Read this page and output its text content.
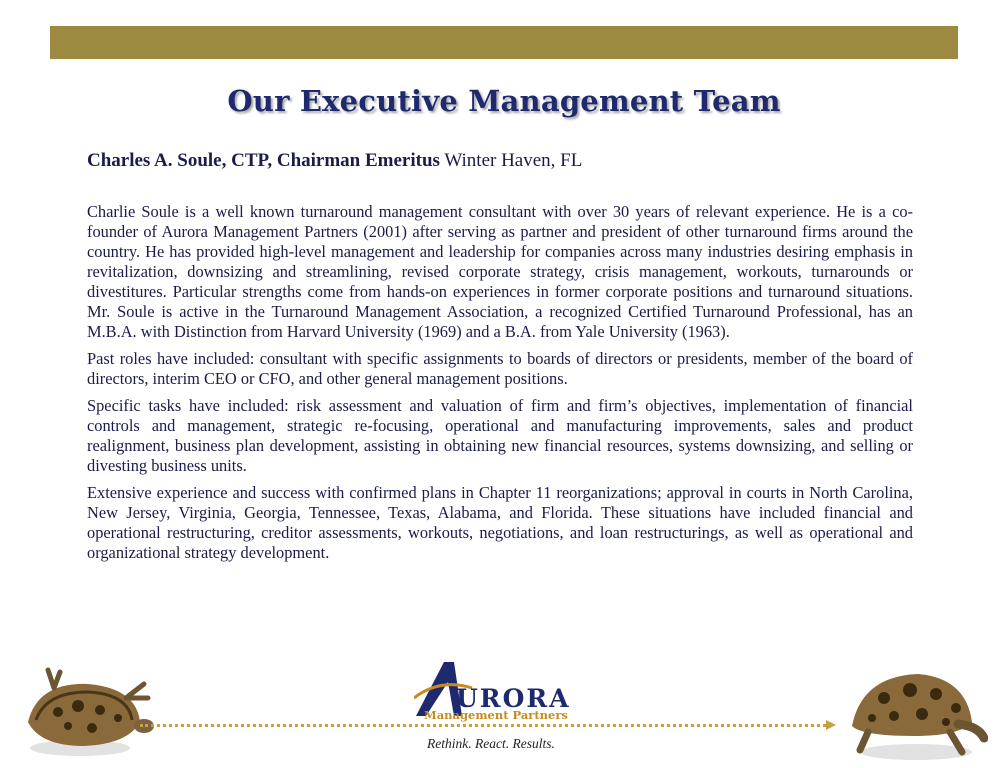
Our Executive Management Team

Charles A. Soule, CTP, Chairman Emeritus Winter Haven, FL

Charlie Soule is a well known turnaround management consultant with over 30 years of relevant experience. He is a co-founder of Aurora Management Partners (2001) after serving as partner and president of other turnaround firms around the country. He has provided high-level management and leadership for companies across many industries desiring emphasis in revitalization, downsizing and streamlining, revised corporate strategy, crisis management, workouts, turnarounds or divestitures. Particular strengths come from hands-on experiences in former corporate positions and turnaround situations. Mr. Soule is active in the Turnaround Management Association, a recognized Certified Turnaround Professional, has an M.B.A. with Distinction from Harvard University (1969) and a B.A. from Yale University (1963).

Past roles have included: consultant with specific assignments to boards of directors or presidents, member of the board of directors, interim CEO or CFO, and other general management positions.

Specific tasks have included: risk assessment and valuation of firm and firm’s objectives, implementation of financial controls and management, strategic re-focusing, operational and manufacturing improvements, sales and product realignment, business plan development, assisting in obtaining new financial resources, systems downsizing, and selling or divesting business units.

Extensive experience and success with confirmed plans in Chapter 11 reorganizations; approval in courts in North Carolina, New Jersey, Virginia, Georgia, Tennessee, Texas, Alabama, and Florida. These situations have included financial and operational restructuring, creditor assessments, workouts, negotiations, and loan restructurings, as well as operational and organizational strategy development.

URORA
Management Partners
Rethink. React. Results.
